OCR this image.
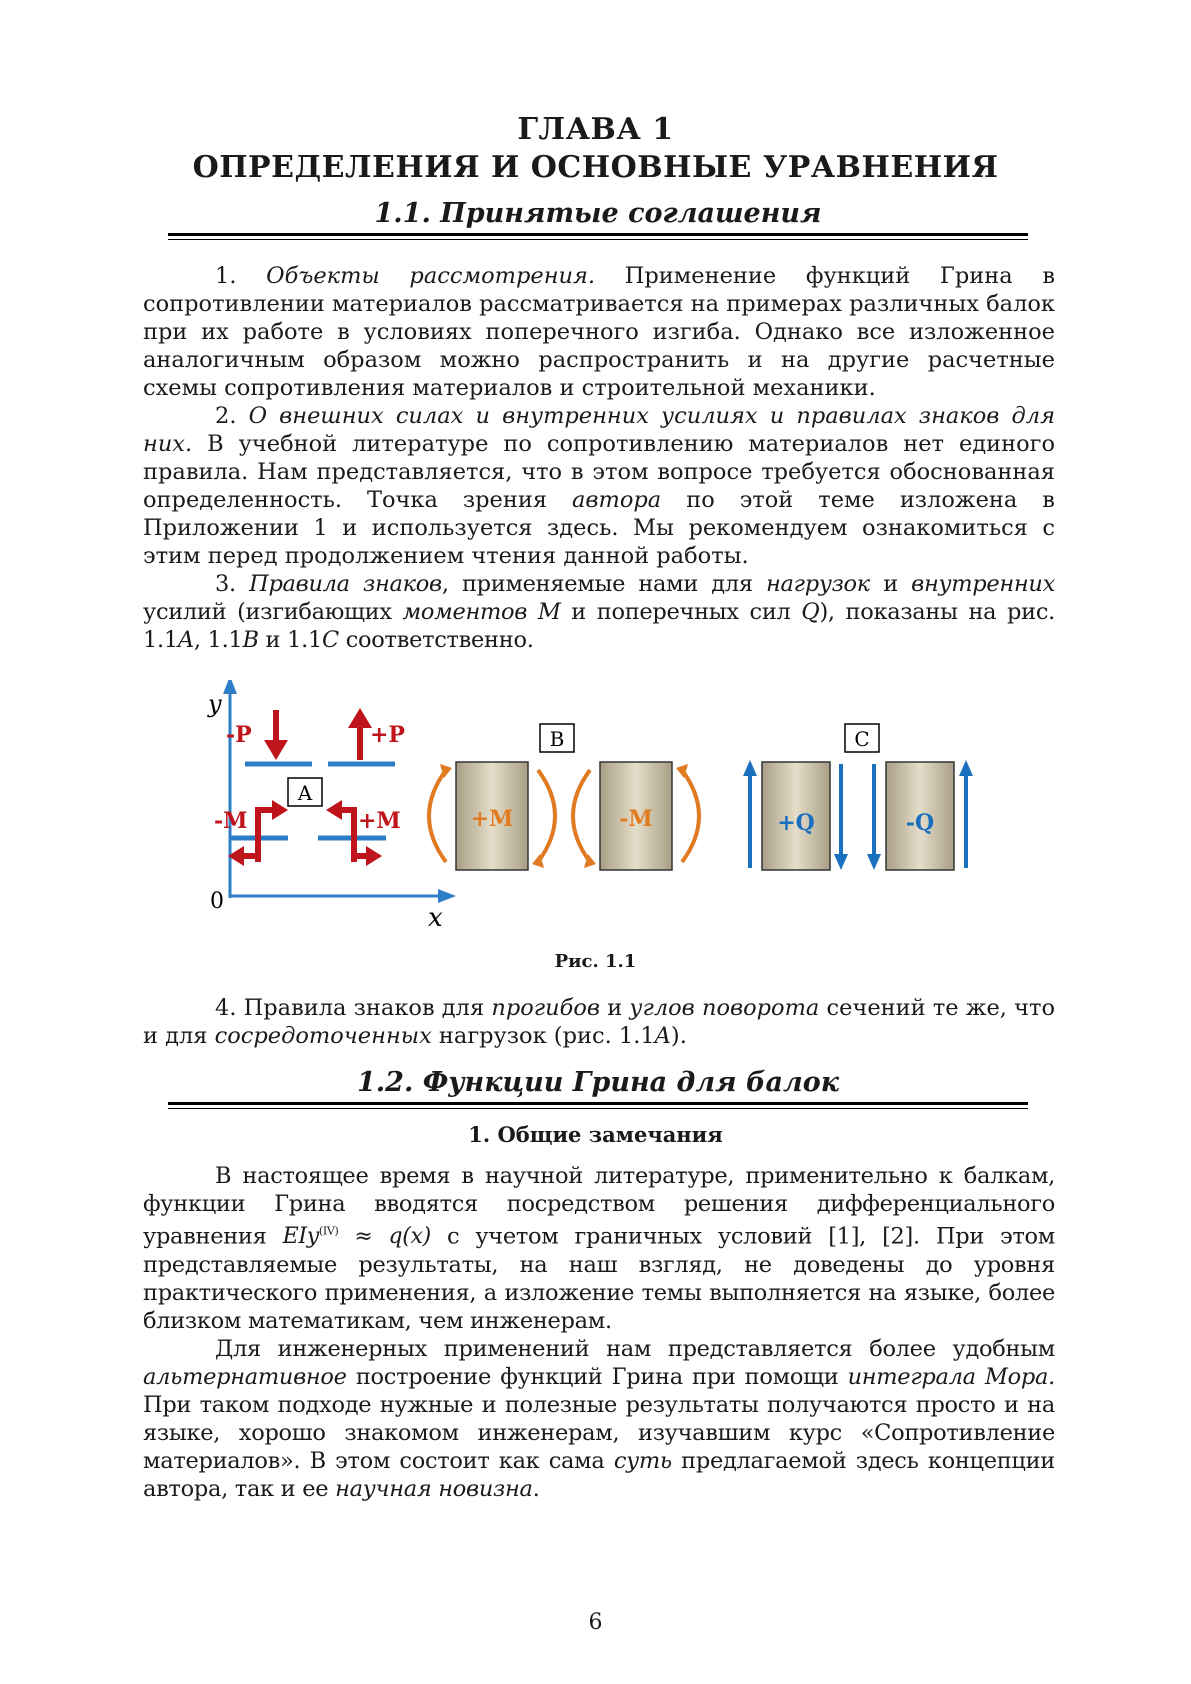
ГЛАВА 1
ОПРЕДЕЛЕНИЯ И ОСНОВНЫЕ УРАВНЕНИЯ
1.1. Принятые соглашения

1. Объекты рассмотрения. Применение функций Грина в сопротивлении материалов рассматривается на примерах различных балок при их работе в условиях поперечного изгиба. Однако все изложенное аналогичным образом можно распространить и на другие расчетные схемы сопротивления материалов и строительной механики.

2. О внешних силах и внутренних усилиях и правилах знаков для них. В учебной литературе по сопротивлению материалов нет единого правила. Нам представляется, что в этом вопросе требуется обоснованная определенность. Точка зрения автора по этой теме изложена в Приложении 1 и используется здесь. Мы рекомендуем ознакомиться с этим перед продолжением чтения данной работы.

3. Правила знаков, применяемые нами для нагрузок и внутренних усилий (изгибающих моментов M и поперечных сил Q), показаны на рис. 1.1A, 1.1B и 1.1C соответственно.

y
x
0
-P	+P
A
-M	+M
B
+M	-M
C
+Q	-Q
Рис. 1.1

4. Правила знаков для прогибов и углов поворота сечений те же, что и для сосредоточенных нагрузок (рис. 1.1A).

1.2. Функции Грина для балок
1. Общие замечания

В настоящее время в научной литературе, применительно к балкам, функции Грина вводятся посредством решения дифференциального уравнения EIy$^{(IV)}$ ≈ q(x) с учетом граничных условий [1], [2]. При этом представляемые результаты, на наш взгляд, не доведены до уровня практического применения, а изложение темы выполняется на языке, более близком математикам, чем инженерам.

Для инженерных применений нам представляется более удобным альтернативное построение функций Грина при помощи интеграла Мора. При таком подходе нужные и полезные результаты получаются просто и на языке, хорошо знакомом инженерам, изучавшим курс «Сопротивление материалов». В этом состоит как сама суть предлагаемой здесь концепции автора, так и ее научная новизна.

6
